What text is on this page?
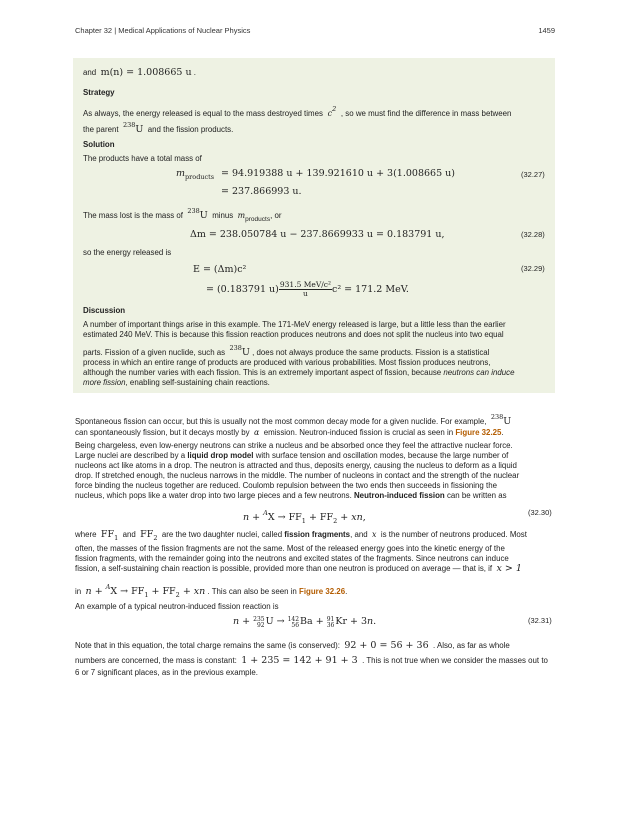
Chapter 32 | Medical Applications of Nuclear Physics	1459
and m(n) = 1.008665 u .
Strategy
As always, the energy released is equal to the mass destroyed times  $c^2$ , so we must find the difference in mass between
the parent $^{238}$U and the fission products.
Solution
The products have a total mass of
$m_{products} = 94.919388$ u + 139.921610 u + 3(1.008665 u)
= 237.866993 u.
(32.27)
The mass lost is the mass of $^{238}$U minus $m_{products}$, or
Δm = 238.050784 u − 237.8669933 u = 0.183791 u,	(32.28)
so the energy released is
E = (Δm)c²	(32.29)
= (0.183791 $u) \frac{\text{931.5 MeV/c²}}{u} c^2 = 171.2$ MeV.
Discussion
A number of important things arise in this example. The 171-MeV energy released is large, but a little less than the earlier
estimated 240 MeV. This is because this fission reaction produces neutrons and does not split the nucleus into two equal
parts. Fission of a given nuclide, such as $^{238}$U , does not always produce the same products. Fission is a statistical
process in which an entire range of products are produced with various probabilities. Most fission produces neutrons,
although the number varies with each fission. This is an extremely important aspect of fission, because neutrons can induce
more fission, enabling self-sustaining chain reactions.
Spontaneous fission can occur, but this is usually not the most common decay mode for a given nuclide. For example, $^{238}$U
can spontaneously fission, but it decays mostly by α emission. Neutron-induced fission is crucial as seen in Figure 32.25.
Being chargeless, even low-energy neutrons can strike a nucleus and be absorbed once they feel the attractive nuclear force.
Large nuclei are described by a liquid drop model with surface tension and oscillation modes, because the large number of
nucleons act like atoms in a drop. The neutron is attracted and thus, deposits energy, causing the nucleus to deform as a liquid
drop. If stretched enough, the nucleus narrows in the middle. The number of nucleons in contact and the strength of the nuclear
force binding the nucleus together are reduced. Coulomb repulsion between the two ends then succeeds in fissioning the
nucleus, which pops like a water drop into two large pieces and a few neutrons. Neutron-induced fission can be written as
$n + ^AX \to FF_1 + FF_2$ + xn,	(32.30)
where $FF_1$ and $FF_2$ are the two daughter nuclei, called fission fragments, and x is the number of neutrons produced. Most
often, the masses of the fission fragments are not the same. Most of the released energy goes into the kinetic energy of the
fission fragments, with the remainder going into the neutrons and excited states of the fragments. Since neutrons can induce
fission, a self-sustaining chain reaction is possible, provided more than one neutron is produced on average — that is, if x > 1
in $n + ^AX \to FF_1 + FF_2$ + xn . This can also be seen in Figure 32.26.
An example of a typical neutron-induced fission reaction is
n + 235
92U → 142
56Ba + 91
36Kr + 3n.	(32.31)
Note that in this equation, the total charge remains the same (is conserved): 92 + 0 = 56 + 36 . Also, as far as whole
numbers are concerned, the mass is constant: 1 + 235 = 142 + 91 + 3 . This is not true when we consider the masses out to
6 or 7 significant places, as in the previous example.
